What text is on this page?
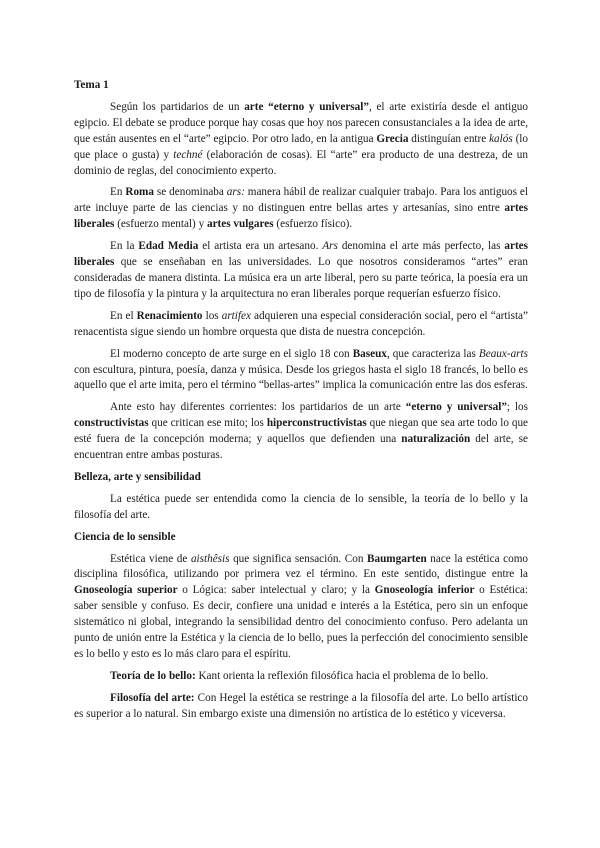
Tema 1

Según los partidarios de un arte “eterno y universal”, el arte existiría desde el antiguo egipcio. El debate se produce porque hay cosas que hoy nos parecen consustanciales a la idea de arte, que están ausentes en el “arte” egipcio. Por otro lado, en la antigua Grecia distinguían entre kalós (lo que place o gusta) y techné (elaboración de cosas). El “arte” era producto de una destreza, de un dominio de reglas, del conocimiento experto.

En Roma se denominaba ars: manera hábil de realizar cualquier trabajo. Para los antiguos el arte incluye parte de las ciencias y no distinguen entre bellas artes y artesanías, sino entre artes liberales (esfuerzo mental) y artes vulgares (esfuerzo físico).

En la Edad Media el artista era un artesano. Ars denomina el arte más perfecto, las artes liberales que se enseñaban en las universidades. Lo que nosotros consideramos “artes” eran consideradas de manera distinta. La música era un arte liberal, pero su parte teórica, la poesía era un tipo de filosofía y la pintura y la arquitectura no eran liberales porque requerían esfuerzo físico.

En el Renacimiento los artifex adquieren una especial consideración social, pero el “artista” renacentista sigue siendo un hombre orquesta que dista de nuestra concepción.

El moderno concepto de arte surge en el siglo 18 con Baseux, que caracteriza las Beaux-arts con escultura, pintura, poesía, danza y música. Desde los griegos hasta el siglo 18 francés, lo bello es aquello que el arte imita, pero el término “bellas-artes” implica la comunicación entre las dos esferas.

Ante esto hay diferentes corrientes: los partidarios de un arte “eterno y universal”; los constructivistas que critican ese mito; los hiperconstructivistas que niegan que sea arte todo lo que esté fuera de la concepción moderna; y aquellos que defienden una naturalización del arte, se encuentran entre ambas posturas.

Belleza, arte y sensibilidad

La estética puede ser entendida como la ciencia de lo sensible, la teoría de lo bello y la filosofía del arte.

Ciencia de lo sensible

Estética viene de aisthêsis que significa sensación. Con Baumgarten nace la estética como disciplina filosófica, utilizando por primera vez el término. En este sentido, distingue entre la Gnoseología superior o Lógica: saber intelectual y claro; y la Gnoseología inferior o Estética: saber sensible y confuso. Es decir, confiere una unidad e interés a la Estética, pero sin un enfoque sistemático ni global, integrando la sensibilidad dentro del conocimiento confuso. Pero adelanta un punto de unión entre la Estética y la ciencia de lo bello, pues la perfección del conocimiento sensible es lo bello y esto es lo más claro para el espíritu.

Teoría de lo bello: Kant orienta la reflexión filosófica hacia el problema de lo bello.

Filosofía del arte: Con Hegel la estética se restringe a la filosofía del arte. Lo bello artístico es superior a lo natural. Sin embargo existe una dimensión no artística de lo estético y viceversa.
